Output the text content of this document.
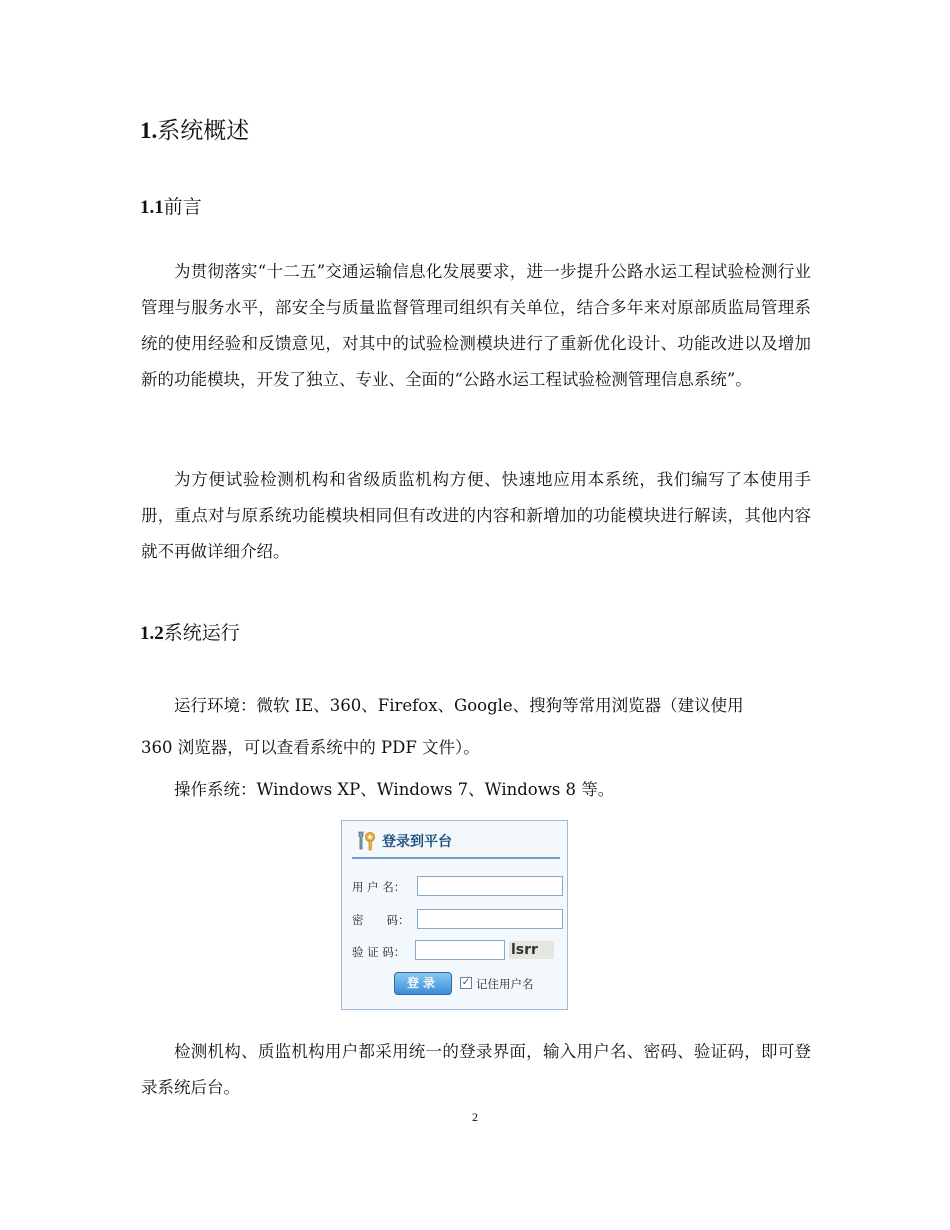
1.系统概述
1.1前言

为贯彻落实“十二五”交通运输信息化发展要求，进一步提升公路水运工程试验检测行业管理与服务水平，部安全与质量监督管理司组织有关单位，结合多年来对原部质监局管理系统的使用经验和反馈意见，对其中的试验检测模块进行了重新优化设计、功能改进以及增加新的功能模块，开发了独立、专业、全面的“公路水运工程试验检测管理信息系统”。

为方便试验检测机构和省级质监机构方便、快速地应用本系统，我们编写了本使用手册，重点对与原系统功能模块相同但有改进的内容和新增加的功能模块进行解读，其他内容就不再做详细介绍。

1.2系统运行
运行环境：微软 IE、360、Firefox、Google、搜狗等常用浏览器（建议使用
360 浏览器，可以查看系统中的 PDF 文件）。
操作系统：Windows XP、Windows 7、Windows 8 等。
登录到平台
用 户 名：
密　　码：
验 证 码：	lsrr
登录	✓ 记住用户名

检测机构、质监机构用户都采用统一的登录界面，输入用户名、密码、验证码，即可登录系统后台。

2
